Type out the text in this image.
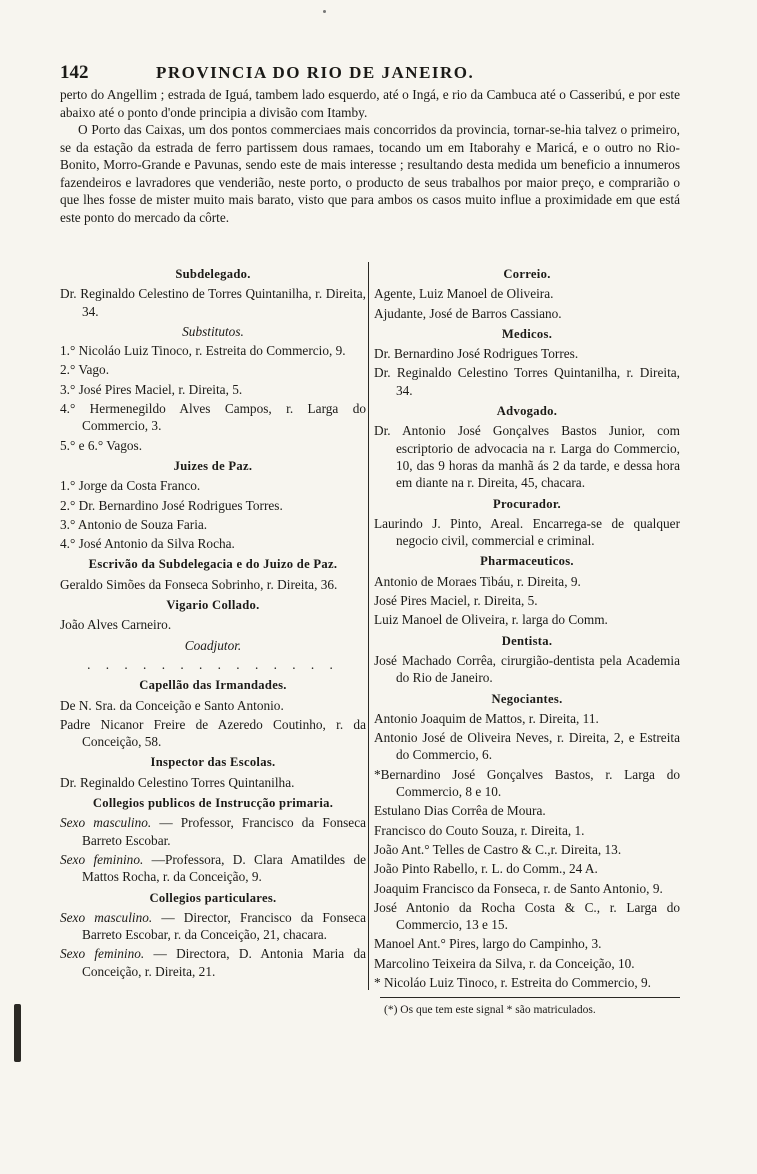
142	PROVINCIA DO RIO DE JANEIRO.

perto do Angellim ; estrada de Iguá, tambem lado esquerdo, até o Ingá, e rio da Cambuca até o Casseribú, e por este abaixo até o ponto d'onde principia a divisão com Itamby.

O Porto das Caixas, um dos pontos commerciaes mais concorridos da provincia, tornar-se-hia talvez o primeiro, se da estação da estrada de ferro partissem dous ramaes, tocando um em Itaborahy e Maricá, e o outro no Rio-Bonito, Morro-Grande e Pavunas, sendo este de mais interesse ; resultando desta medida um beneficio a innumeros fazendeiros e lavradores que venderião, neste porto, o producto de seus trabalhos por maior preço, e comprarião o que lhes fosse de mister muito mais barato, visto que para ambos os casos muito influe a proximidade em que está este ponto do mercado da côrte.

Subdelegado.
Dr. Reginaldo Celestino de Torres Quintanilha, r. Direita, 34.
Substitutos.
1.° Nicoláo Luiz Tinoco, r. Estreita do Commercio, 9.
2.° Vago.
3.° José Pires Maciel, r. Direita, 5.
4.° Hermenegildo Alves Campos, r. Larga do Commercio, 3.
5.° e 6.° Vagos.
Juizes de Paz.
1.° Jorge da Costa Franco.
2.° Dr. Bernardino José Rodrigues Torres.
3.° Antonio de Souza Faria.
4.° José Antonio da Silva Rocha.
Escrivão da Subdelegacia e do Juizo de Paz.
Geraldo Simões da Fonseca Sobrinho, r. Direita, 36.
Vigario Collado.
João Alves Carneiro.
Coadjutor.
. . . . . . . . . . . . . .
Capellão das Irmandades.
De N. Sra. da Conceição e Santo Antonio.
Padre Nicanor Freire de Azeredo Coutinho, r. da Conceição, 58.
Inspector das Escolas.
Dr. Reginaldo Celestino Torres Quintanilha.
Collegios publicos de Instrucção primaria.
Sexo masculino. — Professor, Francisco da Fonseca Barreto Escobar.
Sexo feminino. —Professora, D. Clara Amatildes de Mattos Rocha, r. da Conceição, 9.
Collegios particulares.
Sexo masculino. — Director, Francisco da Fonseca Barreto Escobar, r. da Conceição, 21, chacara.
Sexo feminino. — Directora, D. Antonia Maria da Conceição, r. Direita, 21.
Correio.
Agente, Luiz Manoel de Oliveira.
Ajudante, José de Barros Cassiano.
Medicos.
Dr. Bernardino José Rodrigues Torres.
Dr. Reginaldo Celestino Torres Quintanilha, r. Direita, 34.
Advogado.
Dr. Antonio José Gonçalves Bastos Junior, com escriptorio de advocacia na r. Larga do Commercio, 10, das 9 horas da manhã ás 2 da tarde, e dessa hora em diante na r. Direita, 45, chacara.
Procurador.
Laurindo J. Pinto, Areal. Encarrega-se de qualquer negocio civil, commercial e criminal.
Pharmaceuticos.
Antonio de Moraes Tibáu, r. Direita, 9.
José Pires Maciel, r. Direita, 5.
Luiz Manoel de Oliveira, r. larga do Comm.
Dentista.
José Machado Corrêa, cirurgião-dentista pela Academia do Rio de Janeiro.
Negociantes.
Antonio Joaquim de Mattos, r. Direita, 11.
Antonio José de Oliveira Neves, r. Direita, 2, e Estreita do Commercio, 6.
*Bernardino José Gonçalves Bastos, r. Larga do Commercio, 8 e 10.
Estulano Dias Corrêa de Moura.
Francisco do Couto Souza, r. Direita, 1.
João Ant.° Telles de Castro & C.,r. Direita, 13.
João Pinto Rabello, r. L. do Comm., 24 A.
Joaquim Francisco da Fonseca, r. de Santo Antonio, 9.
José Antonio da Rocha Costa & C., r. Larga do Commercio, 13 e 15.
Manoel Ant.° Pires, largo do Campinho, 3.
Marcolino Teixeira da Silva, r. da Conceição, 10.
* Nicoláo Luiz Tinoco, r. Estreita do Commercio, 9.
(*) Os que tem este signal * são matriculados.
